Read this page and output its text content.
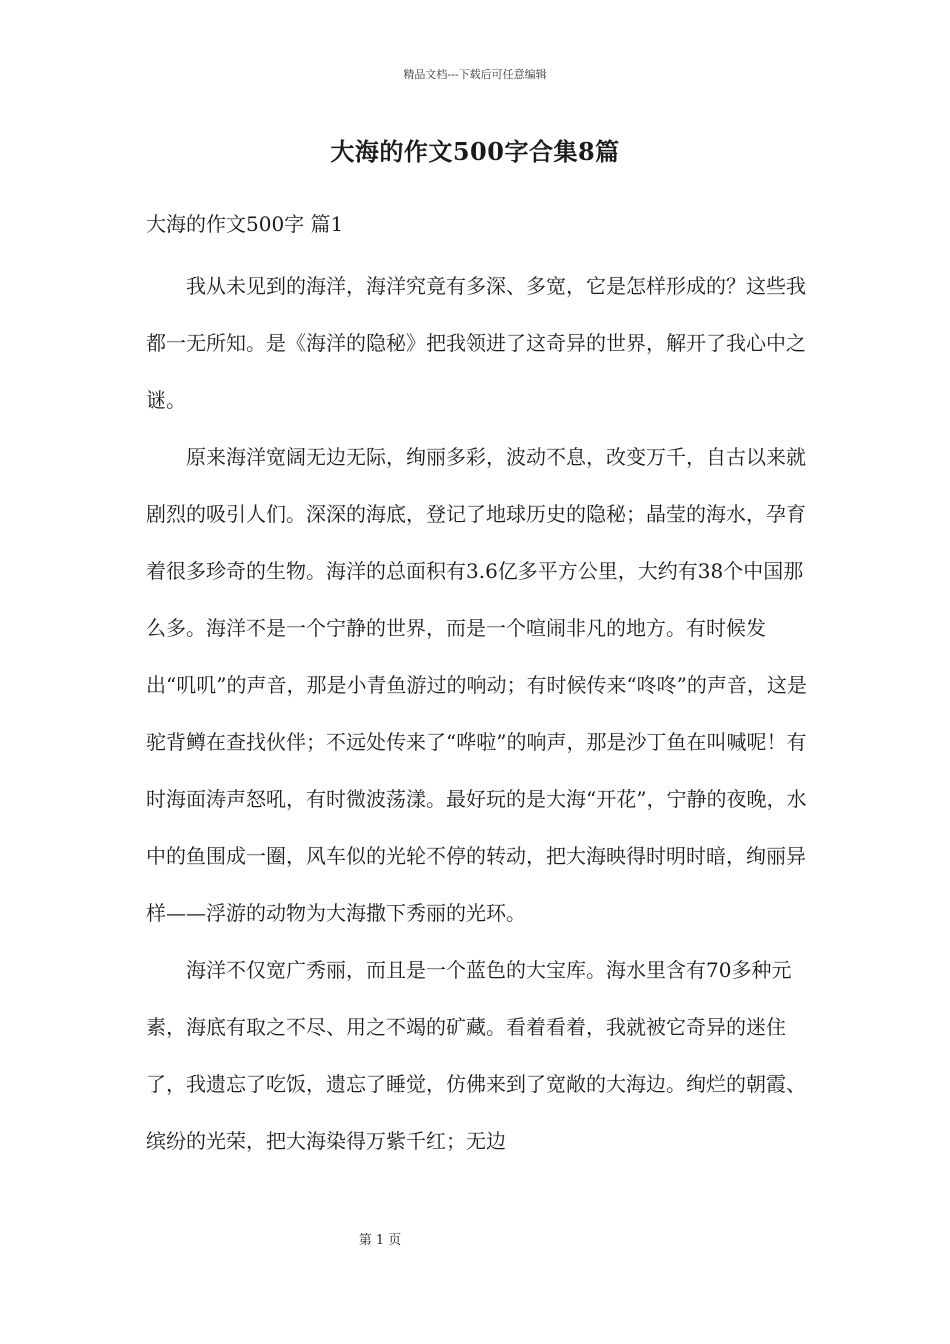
精品文档---下载后可任意编辑
大海的作文500字合集8篇
大海的作文500字 篇1

我从未见到的海洋，海洋究竟有多深、多宽，它是怎样形成的？这些我都一无所知。是《海洋的隐秘》把我领进了这奇异的世界，解开了我心中之谜。

原来海洋宽阔无边无际，绚丽多彩，波动不息，改变万千，自古以来就剧烈的吸引人们。深深的海底，登记了地球历史的隐秘；晶莹的海水，孕育着很多珍奇的生物。海洋的总面积有3.6亿多平方公里，大约有38个中国那么多。海洋不是一个宁静的世界，而是一个喧闹非凡的地方。有时候发出“叽叽”的声音，那是小青鱼游过的响动；有时候传来“咚咚”的声音，这是驼背鳟在查找伙伴；不远处传来了“哗啦”的响声，那是沙丁鱼在叫喊呢！有时海面涛声怒吼，有时微波荡漾。最好玩的是大海“开花”，宁静的夜晚，水中的鱼围成一圈，风车似的光轮不停的转动，把大海映得时明时暗，绚丽异样——浮游的动物为大海撒下秀丽的光环。

海洋不仅宽广秀丽，而且是一个蓝色的大宝库。海水里含有70多种元素，海底有取之不尽、用之不竭的矿藏。看着看着，我就被它奇异的迷住了，我遗忘了吃饭，遗忘了睡觉，仿佛来到了宽敞的大海边。绚烂的朝霞、缤纷的光荣，把大海染得万紫千红；无边

第 1 页
